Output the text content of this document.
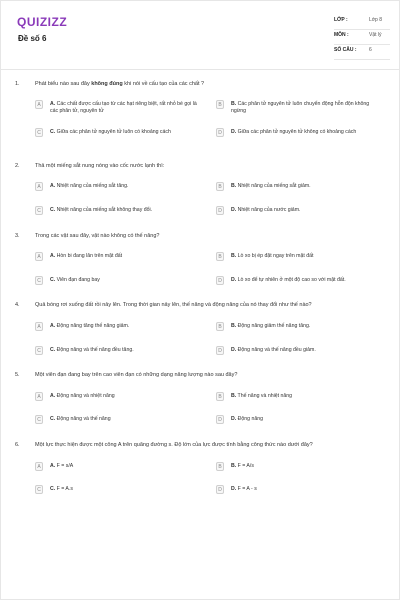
QUIZIZZ
Đề số 6
LỚP :	Lớp 8
MÔN :	Vật lý
SỐ CÂU :	6
1.	Phát biểu nào sau đây không đúng khi nói về cấu tạo của các chất ?
A	A. Các chất được cấu tạo từ các hạt riêng biệt, rất nhỏ bé gọi là các phân tử, nguyên tử
B	B. Các phân tử nguyên tử luôn chuyển động hỗn độn không ngừng
C	C. Giữa các phân tử nguyên tử luôn có khoảng cách	D	D. Giữa các phân tử nguyên tử không có khoảng cách
2.	Thả một miếng sắt nung nóng vào cốc nước lạnh thì:
A	A. Nhiệt năng của miếng sắt tăng.	B	B. Nhiệt năng của miếng sắt giảm.
C	C. Nhiệt năng của miếng sắt không thay đổi.	D	D. Nhiệt năng của nước giảm.
3.	Trong các vật sau đây, vật nào không có thế năng?
A	A. Hòn bi đang lăn trên mặt đất	B	B. Lò xo bị ép đặt ngay trên mặt đất
C	C. Viên đạn đang bay	D	D. Lò xo để tự nhiên ở một độ cao so với mặt đất.
4.	Quả bóng rơi xuống đất rồi nảy lên. Trong thời gian nảy lên, thế năng và động năng của nó thay đổi như thế nào?
A	A. Động năng tăng thế năng giảm.	B	B. Động năng giảm thế năng tăng.
C	C. Động năng và thế năng đều tăng.	D	D. Động năng và thế năng đều giảm.
5.	Một viên đạn đang bay trên cao viên đạn có những dạng năng lượng nào sau đây?
A	A. Động năng và nhiệt năng	B	B. Thế năng và nhiệt năng
C	C. Động năng và thế năng	D	D. Động năng
6.	Một lực thực hiện được một công A trên quãng đường s. Độ lớn của lực được tính bằng công thức nào dưới đây?
A	A. F = s/A	B	B. F = A/s
C	C. F = A.s	D	D. F = A - s
